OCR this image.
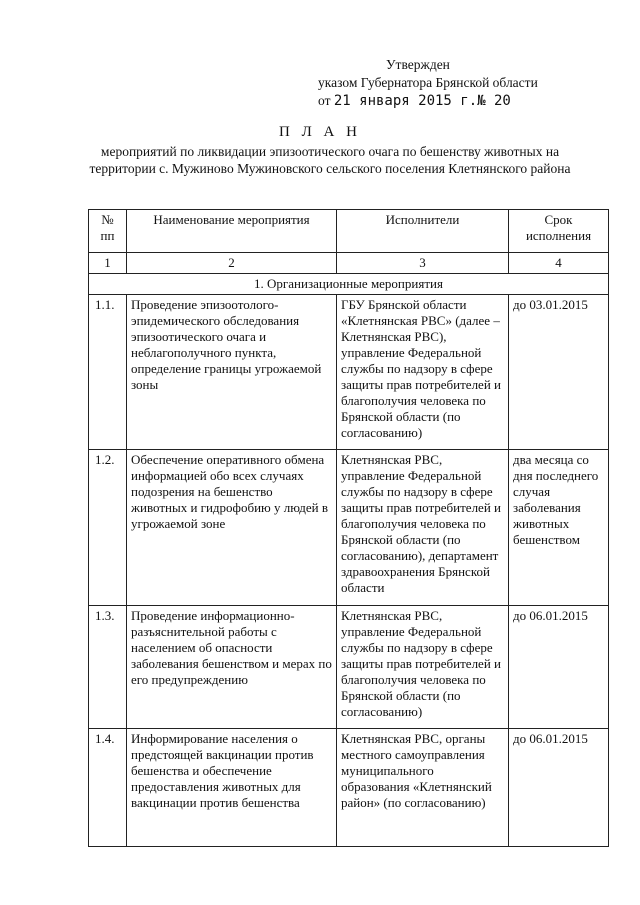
Утвержден
указом Губернатора Брянской области
от 21 января 2015 г.№ 20
П Л А Н
мероприятий по ликвидации эпизоотического очага по бешенству животных на территории с. Мужиново Мужиновского сельского поселения Клетнянского района
№ пп	Наименование мероприятия	Исполнители	Срок исполнения
1	2	3	4
1. Организационные мероприятия			
1.1.	Проведение эпизоотолого-эпидемического обследования эпизоотического очага и неблагополучного пункта, определение границы угрожаемой зоны	ГБУ Брянской области «Клетнянская РВС» (далее – Клетнянская РВС), управление Федеральной службы по надзору в сфере защиты прав потребителей и благополучия человека по Брянской области (по согласованию)	до 03.01.2015
1.2.	Обеспечение оперативного обмена информацией обо всех случаях подозрения на бешенство животных и гидрофобию у людей в угрожаемой зоне	Клетнянская РВС, управление Федеральной службы по надзору в сфере защиты прав потребителей и благополучия человека по Брянской области (по согласованию), департамент здравоохранения Брянской области	два месяца со дня последнего случая заболевания животных бешенством
1.3.	Проведение информационно-разъяснительной работы с населением об опасности заболевания бешенством и мерах по его предупреждению	Клетнянская РВС, управление Федеральной службы по надзору в сфере защиты прав потребителей и благополучия человека по Брянской области (по согласованию)	до 06.01.2015
1.4.	Информирование населения о предстоящей вакцинации против бешенства и обеспечение предоставления животных для вакцинации против бешенства	Клетнянская РВС, органы местного самоуправления муниципального образования «Клетнянский район» (по согласованию)	до 06.01.2015
